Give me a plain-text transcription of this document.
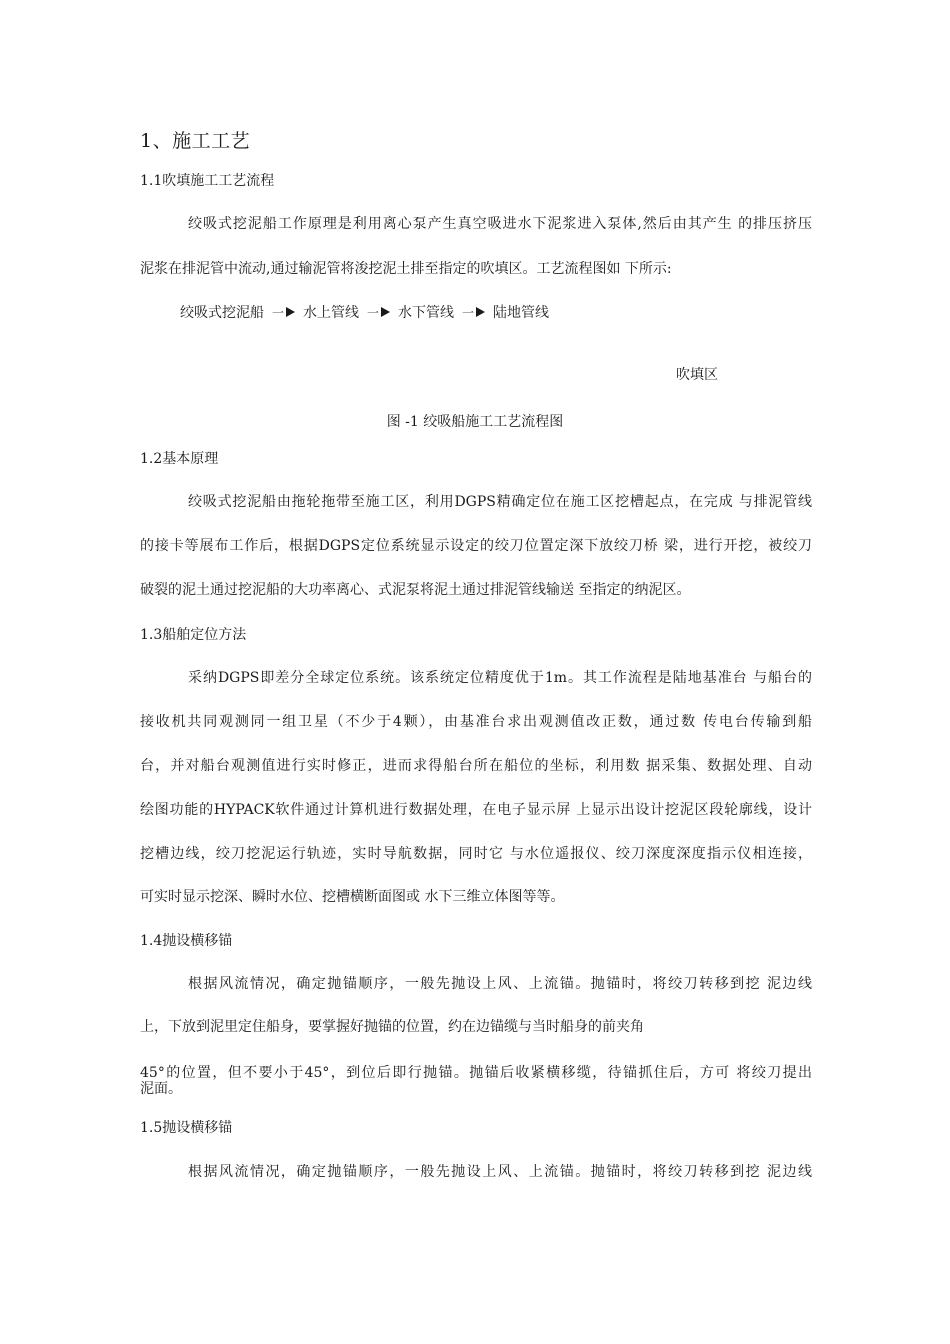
1、施工工艺
1.1吹填施工工艺流程
绞吸式挖泥船工作原理是利用离心泵产生真空吸进水下泥浆进入泵体,然后由其产生 的排压挤压
泥浆在排泥管中流动,通过输泥管将浚挖泥土排至指定的吹填区。工艺流程图如 下所示:
绞吸式挖泥船 一 水上管线 一 水下管线 一 陆地管线
吹填区
图 -1 绞吸船施工工艺流程图
1.2基本原理
绞吸式挖泥船由拖轮拖带至施工区，利用DGPS精确定位在施工区挖槽起点，在完成 与排泥管线
的接卡等展布工作后，根据DGPS定位系统显示设定的绞刀位置定深下放绞刀桥 梁，进行开挖，被绞刀
破裂的泥土通过挖泥船的大功率离心、式泥泵将泥土通过排泥管线输送 至指定的纳泥区。
1.3船舶定位方法
采纳DGPS即差分全球定位系统。该系统定位精度优于1m。其工作流程是陆地基准台 与船台的
接收机共同观测同一组卫星（不少于4颗），由基准台求出观测值改正数，通过数 传电台传输到船
台，并对船台观测值进行实时修正，进而求得船台所在船位的坐标，利用数 据采集、数据处理、自动
绘图功能的HYPACK软件通过计算机进行数据处理，在电子显示屏 上显示出设计挖泥区段轮廓线，设计
挖槽边线，绞刀挖泥运行轨迹，实时导航数据，同时它 与水位遥报仪、绞刀深度深度指示仪相连接，
可实时显示挖深、瞬时水位、挖槽横断面图或 水下三维立体图等等。
1.4抛设横移锚
根据风流情况，确定抛锚顺序，一般先抛设上风、上流锚。抛锚时，将绞刀转移到挖 泥边线
上，下放到泥里定住船身，要掌握好抛锚的位置，约在边锚缆与当时船身的前夹角
45°的位置，但不要小于45°，到位后即行抛锚。抛锚后收紧横移缆，待锚抓住后，方可 将绞刀提出
泥面。
1.5抛设横移锚
根据风流情况，确定抛锚顺序，一般先抛设上风、上流锚。抛锚时，将绞刀转移到挖 泥边线
